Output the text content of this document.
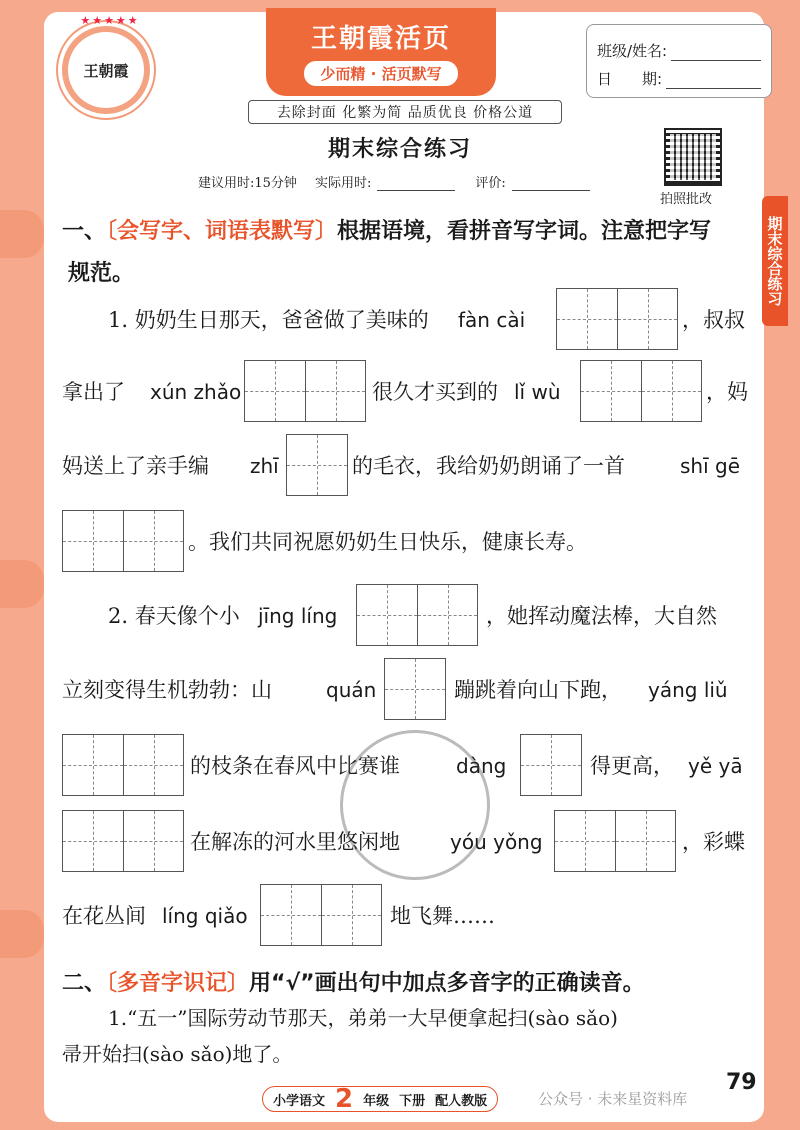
★★★★★
王朝霞
王朝霞活页
少而精 · 活页默写
班级/姓名:
日　　期:
去除封面 化繁为简 品质优良 价格公道
期末综合练习
建议用时:15分钟 实际用时:	评价:
拍照批改
期末综合练习
一、〔会写字、词语表默写〕根据语境，看拼音写字词。注意把字写
规范。
1. 奶奶生日那天，爸爸做了美味的 fàn cài	，叔叔
拿出了 xún zhǎo	很久才买到的 lǐ wù	，妈
妈送上了亲手编 zhī	的毛衣，我给奶奶朗诵了一首	shī gē
。我们共同祝愿奶奶生日快乐，健康长寿。
2. 春天像个小 jīng líng	，她挥动魔法棒，大自然
立刻变得生机勃勃：山	quán	蹦跳着向山下跑， yáng liǔ
的枝条在春风中比赛谁	dàng	得更高， yě yā
在解冻的河水里悠闲地	yóu yǒng	，彩蝶
在花丛间 líng qiǎo	地飞舞……
二、〔多音字识记〕用“√”画出句中加点多音字的正确读音。
1.“五一”国际劳动节那天，弟弟一大早便拿起扫(sào sǎo)
帚开始扫(sào sǎo)地了。
小学语文 2 年级 下册 配人教版	公众号 · 未来星资料库
79
